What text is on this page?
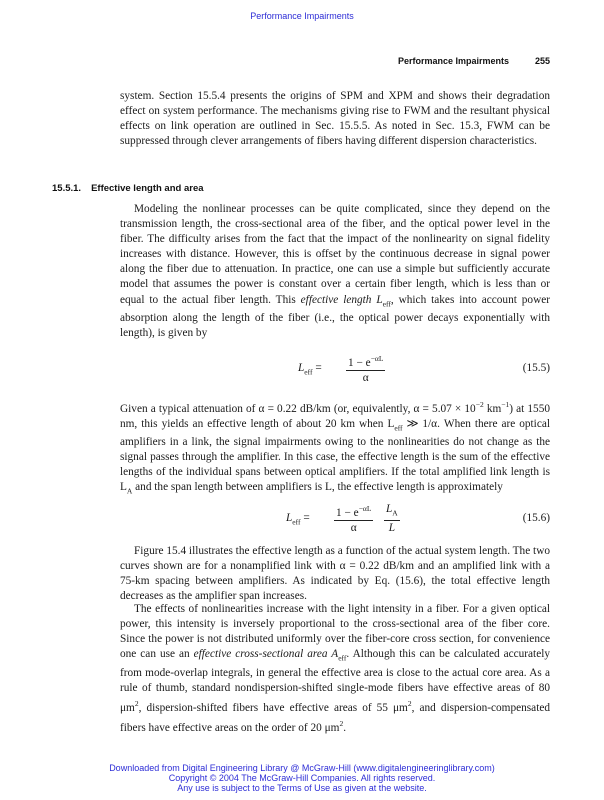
Performance Impairments
Performance Impairments	255

system. Section 15.5.4 presents the origins of SPM and XPM and shows their degradation effect on system performance. The mechanisms giving rise to FWM and the resultant physical effects on link operation are outlined in Sec. 15.5.5. As noted in Sec. 15.3, FWM can be suppressed through clever arrangements of fibers having different dispersion characteristics.

15.5.1. Effective length and area

Modeling the nonlinear processes can be quite complicated, since they depend on the transmission length, the cross-sectional area of the fiber, and the optical power level in the fiber. The difficulty arises from the fact that the impact of the nonlinearity on signal fidelity increases with distance. However, this is offset by the continuous decrease in signal power along the fiber due to attenuation. In practice, one can use a simple but sufficiently accurate model that assumes the power is constant over a certain fiber length, which is less than or equal to the actual fiber length. This effective length $L_{eff}$, which takes into account power absorption along the length of the fiber (i.e., the optical power decays exponentially with length), is given by

$L_{eff} = \frac{1 - e^{-\alpha L}}{\alpha}$	(15.5)

Given a typical attenuation of α = 0.22 dB/km (or, equivalently, $\alpha = 5.07 \times 10^{-2}$ $km^{-1}$) at 1550 nm, this yields an effective length of about 20 km when $L_{eff}$ ≫ 1/α. When there are optical amplifiers in a link, the signal impairments owing to the nonlinearities do not change as the signal passes through the amplifier. In this case, the effective length is the sum of the effective lengths of the individual spans between optical amplifiers. If the total amplified link length is $L_A$ and the span length between amplifiers is L, the effective length is approximately

$L_{eff} = \frac{1 - e^{-\alpha L}}{\alpha} \frac{L_A}{L}$	(15.6)

Figure 15.4 illustrates the effective length as a function of the actual system length. The two curves shown are for a nonamplified link with α = 0.22 dB/km and an amplified link with a 75-km spacing between amplifiers. As indicated by Eq. (15.6), the total effective length decreases as the amplifier span increases.

The effects of nonlinearities increase with the light intensity in a fiber. For a given optical power, this intensity is inversely proportional to the cross-sectional area of the fiber core. Since the power is not distributed uniformly over the fiber-core cross section, for convenience one can use an effective cross-sectional area $A_{eff}$. Although this can be calculated accurately from mode-overlap integrals, in general the effective area is close to the actual core area. As a rule of thumb, standard nondispersion-shifted single-mode fibers have effective areas of 80 $\mu m^2$, dispersion-shifted fibers have effective areas of 55 $\mu m^2$, and dispersion-compensated fibers have effective areas on the order of 20 $\mu m^2$.

Downloaded from Digital Engineering Library @ McGraw-Hill (www.digitalengineeringlibrary.com)
Copyright © 2004 The McGraw-Hill Companies. All rights reserved.
Any use is subject to the Terms of Use as given at the website.
